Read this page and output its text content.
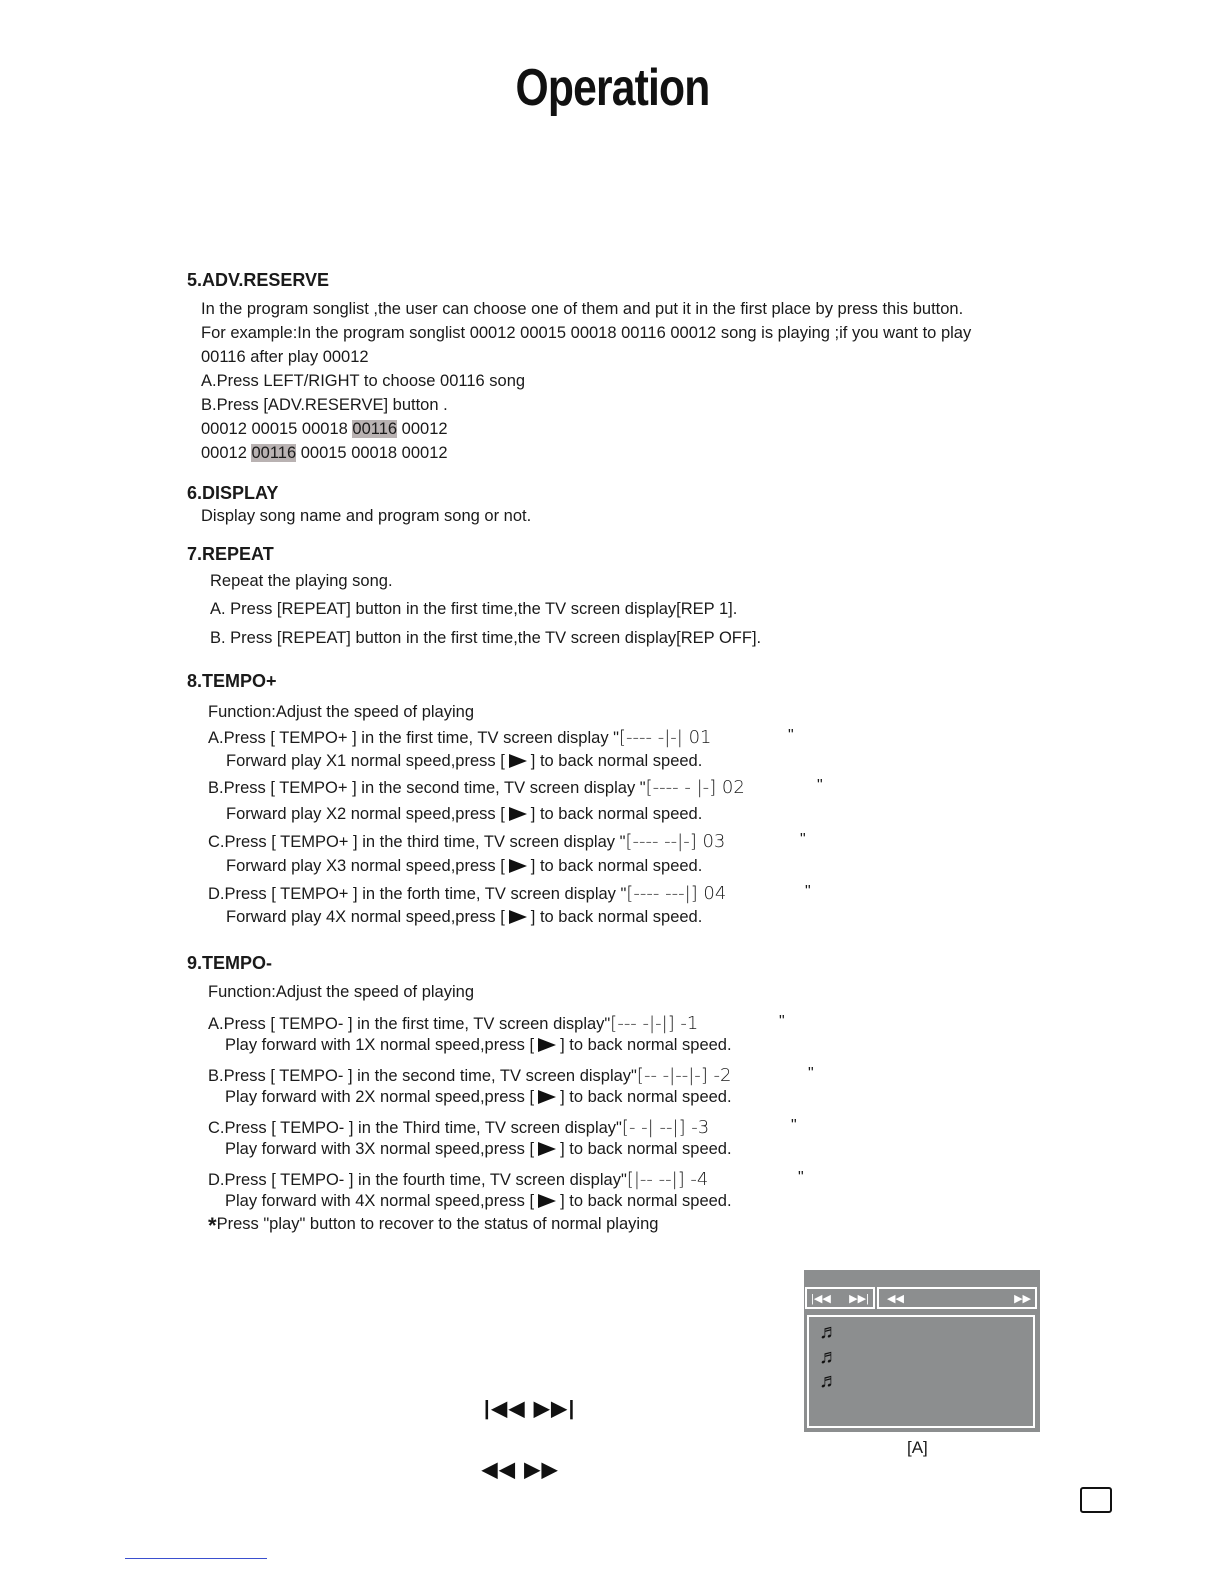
Operation
5.ADV.RESERVE
In the program songlist ,the user can choose one of them and put it in the first place by press this button.
For example:In the program songlist 00012 00015 00018 00116 00012 song is playing ;if you want to play
00116 after play 00012
A.Press LEFT/RIGHT to choose 00116 song
B.Press [ADV.RESERVE] button .
00012 00015 00018 00116 00012
00012 00116 00015 00018 00012
6.DISPLAY
Display song name and program song or not.
7.REPEAT
Repeat the playing song.
A. Press [REPEAT] button in the first time,the TV screen display[REP 1].
B. Press [REPEAT] button in the first time,the TV screen display[REP OFF].
8.TEMPO+
Function:Adjust the speed of playing
A.Press [ TEMPO+ ] in the first time, TV screen display "[---- -|-| 01	"
Forward play X1 normal speed,press [ ] to back normal speed.
B.Press [ TEMPO+ ] in the second time, TV screen display "[---- - |-] 02	"
Forward play X2 normal speed,press [ ] to back normal speed.
C.Press [ TEMPO+ ] in the third time, TV screen display "[---- --|-] 03	"
Forward play X3 normal speed,press [ ] to back normal speed.
D.Press [ TEMPO+ ] in the forth time, TV screen display "[---- ---|] 04	"
Forward play 4X normal speed,press [ ] to back normal speed.
9.TEMPO-
Function:Adjust the speed of playing
A.Press [ TEMPO- ] in the first time, TV screen display"[--- -|-|] -1	"
Play forward with 1X normal speed,press [ ] to back normal speed.
B.Press [ TEMPO- ] in the second time, TV screen display"[-- -|--|-] -2	"
Play forward with 2X normal speed,press [ ] to back normal speed.
C.Press [ TEMPO- ] in the Third time, TV screen display"[- -| --|] -3	"
Play forward with 3X normal speed,press [ ] to back normal speed.
D.Press [ TEMPO- ] in the fourth time, TV screen display"[|-- --|] -4	"
Play forward with 4X normal speed,press [ ] to back normal speed.
*Press "play" button to recover to the status of normal playing
|◀◀ ▶▶|
◀◀ ▶▶
|◀◀      ▶▶|	◀◀	▶▶
♬
♬
♬
[A]
